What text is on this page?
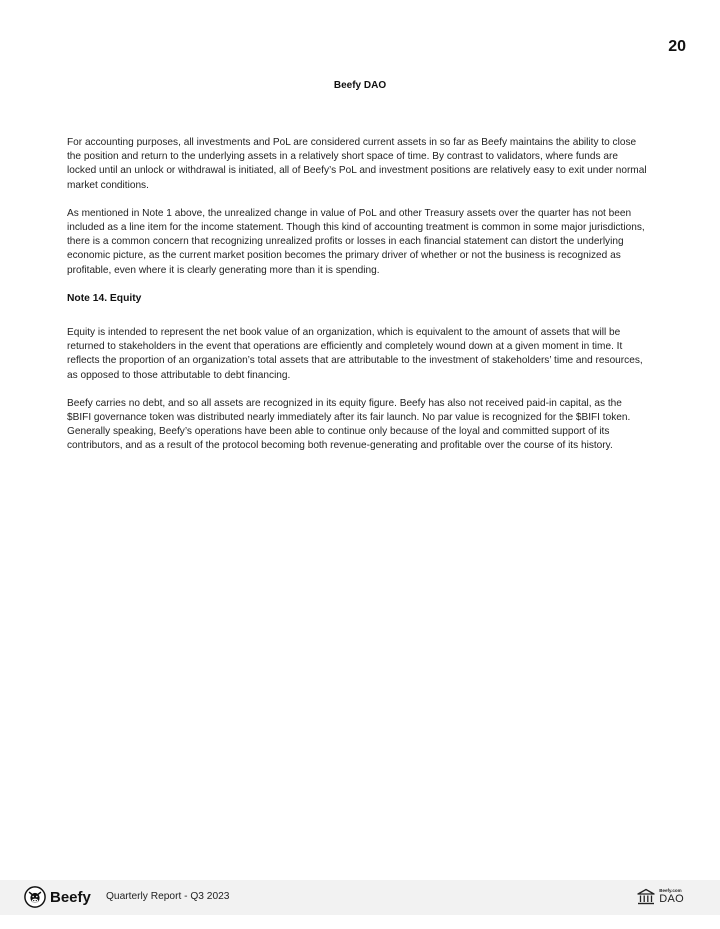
20
Beefy DAO

For accounting purposes, all investments and PoL are considered current assets in so far as Beefy maintains the ability to close the position and return to the underlying assets in a relatively short space of time. By contrast to validators, where funds are locked until an unlock or withdrawal is initiated, all of Beefy’s PoL and investment positions are relatively easy to exit under normal market conditions.

As mentioned in Note 1 above, the unrealized change in value of PoL and other Treasury assets over the quarter has not been included as a line item for the income statement. Though this kind of accounting treatment is common in some major jurisdictions, there is a common concern that recognizing unrealized profits or losses in each financial statement can distort the underlying economic picture, as the current market position becomes the primary driver of whether or not the business is recognized as profitable, even where it is clearly generating more than it is spending.

Note 14. Equity

Equity is intended to represent the net book value of an organization, which is equivalent to the amount of assets that will be returned to stakeholders in the event that operations are efficiently and completely wound down at a given moment in time. It reflects the proportion of an organization’s total assets that are attributable to the investment of stakeholders’ time and resources, as opposed to those attributable to debt financing.

Beefy carries no debt, and so all assets are recognized in its equity figure. Beefy has also not received paid-in capital, as the $BIFI governance token was distributed nearly immediately after its fair launch. No par value is recognized for the $BIFI token. Generally speaking, Beefy’s operations have been able to continue only because of the loyal and committed support of its contributors, and as a result of the protocol becoming both revenue-generating and profitable over the course of its history.

Beefy Quarterly Report - Q3 2023
Beefy.com
DAO
